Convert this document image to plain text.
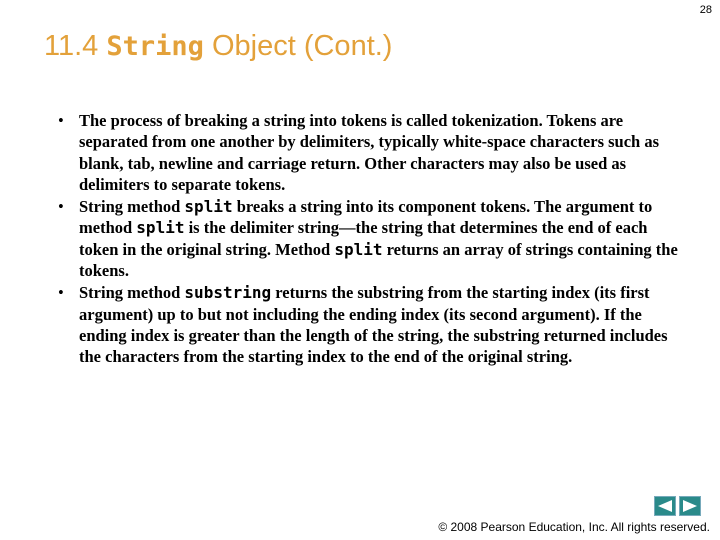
28
11.4 String Object (Cont.)
• The process of breaking a string into tokens is called tokenization. Tokens are separated from one another by delimiters, typically white-space characters such as blank, tab, newline and carriage return. Other characters may also be used as delimiters to separate tokens.
• String method split breaks a string into its component tokens. The argument to method split is the delimiter string—the string that determines the end of each token in the original string. Method split returns an array of strings containing the tokens.
• String method substring returns the substring from the starting index (its first argument) up to but not including the ending index (its second argument). If the ending index is greater than the length of the string, the substring returned includes the characters from the starting index to the end of the original string.
© 2008 Pearson Education, Inc. All rights reserved.
